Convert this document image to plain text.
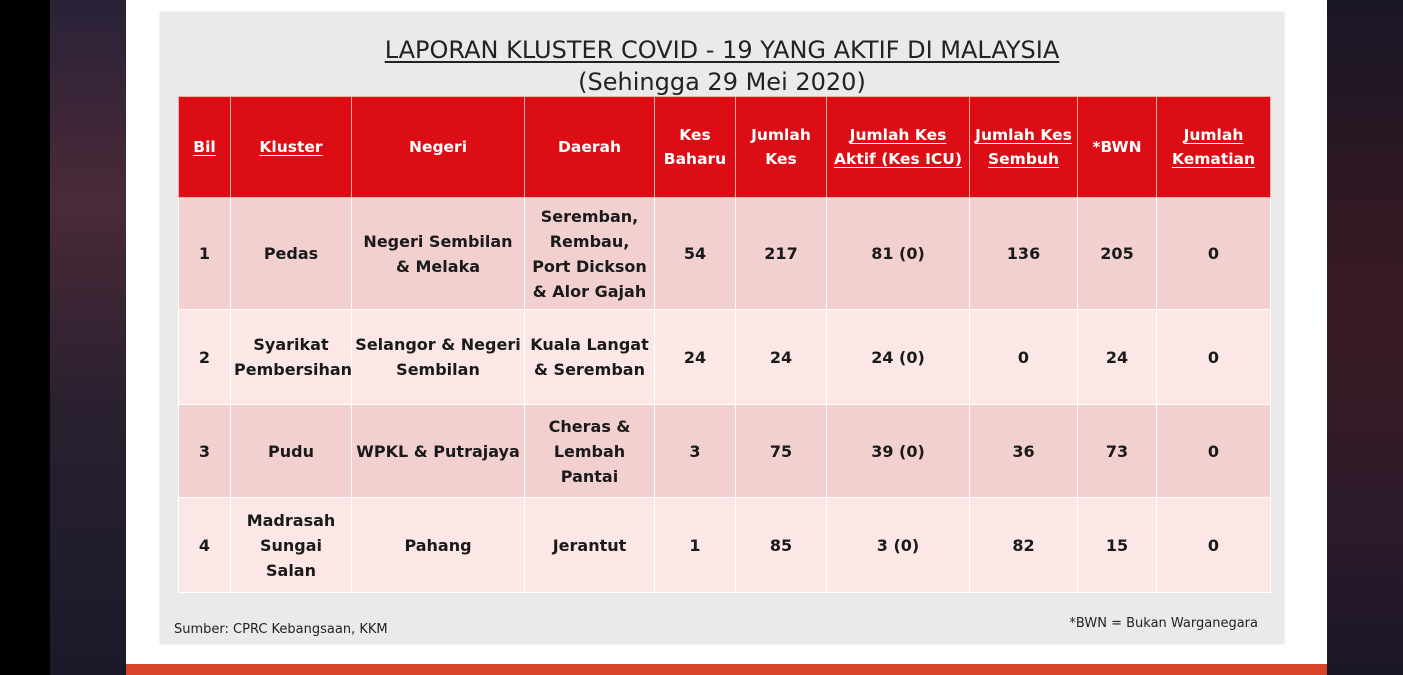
LAPORAN KLUSTER COVID - 19 YANG AKTIF DI MALAYSIA
(Sehingga 29 Mei 2020)
Bil	Kluster	Negeri	Daerah	Kes Baharu	Jumlah Kes	Jumlah Kes Aktif (Kes ICU)	Jumlah Kes Sembuh	*BWN	Jumlah Kematian
1	Pedas	Negeri Sembilan & Melaka	Seremban, Rembau, Port Dickson & Alor Gajah	54	217	81 (0)	136	205	0
2	Syarikat Pembersihan	Selangor & Negeri Sembilan	Kuala Langat & Seremban	24	24	24 (0)	0	24	0
3	Pudu	WPKL & Putrajaya	Cheras & Lembah Pantai	3	75	39 (0)	36	73	0
4	Madrasah Sungai Salan	Pahang	Jerantut	1	85	3 (0)	82	15	0
Sumber: CPRC Kebangsaan, KKM	*BWN = Bukan Warganegara
